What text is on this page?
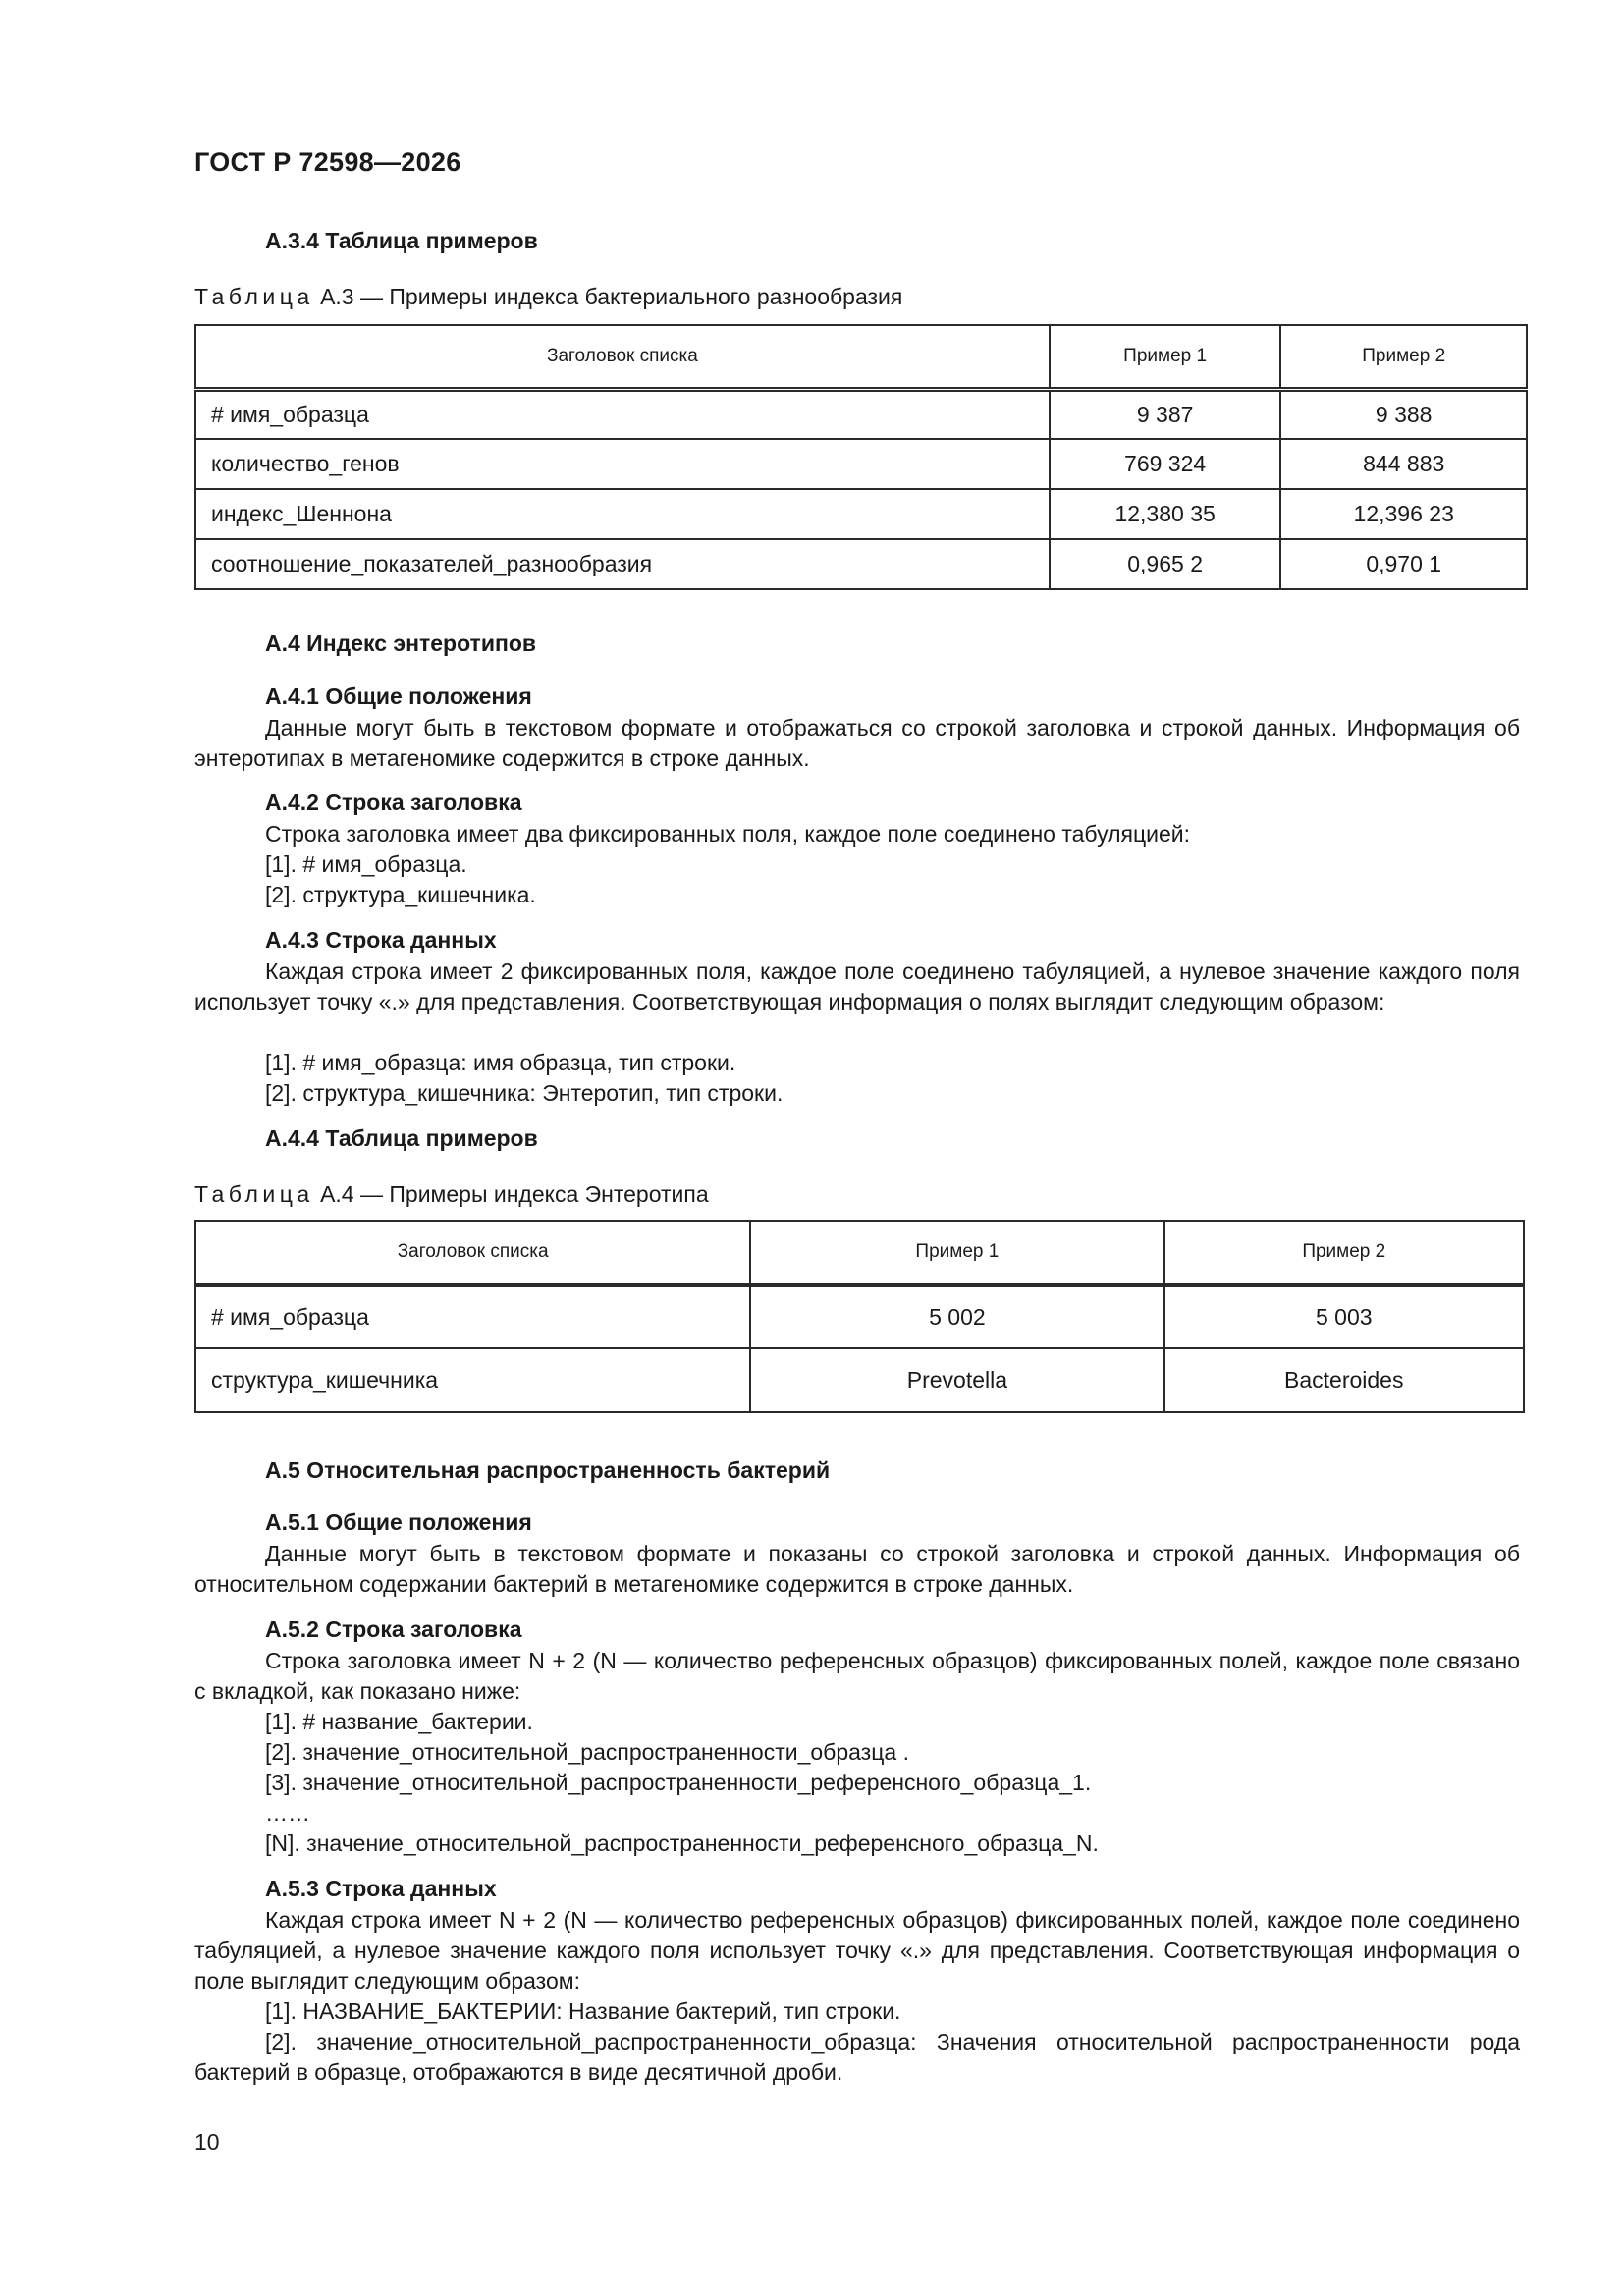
ГОСТ Р 72598—2026
А.3.4 Таблица примеров
Таблица А.3 — Примеры индекса бактериального разнообразия
Заголовок списка	Пример 1	Пример 2
# имя_образца	9 387	9 388
количество_генов	769 324	844 883
индекс_Шеннона	12,380 35	12,396 23
соотношение_показателей_разнообразия	0,965 2	0,970 1
А.4 Индекс энтеротипов
А.4.1 Общие положения
Данные могут быть в текстовом формате и отображаться со строкой заголовка и строкой данных. Информация об энтеротипах в метагеномике содержится в строке данных.
А.4.2 Строка заголовка
Строка заголовка имеет два фиксированных поля, каждое поле соединено табуляцией:
[1]. # имя_образца.
[2]. структура_кишечника.
А.4.3 Строка данных
Каждая строка имеет 2 фиксированных поля, каждое поле соединено табуляцией, а нулевое значение каждого поля использует точку «.» для представления. Соответствующая информация о полях выглядит следующим образом:
[1]. # имя_образца: имя образца, тип строки.
[2]. структура_кишечника: Энтеротип, тип строки.
А.4.4 Таблица примеров
Таблица А.4 — Примеры индекса Энтеротипа
Заголовок списка	Пример 1	Пример 2
# имя_образца	5 002	5 003
структура_кишечника	Prevotella	Bacteroides
А.5 Относительная распространенность бактерий
А.5.1 Общие положения
Данные могут быть в текстовом формате и показаны со строкой заголовка и строкой данных. Информация об относительном содержании бактерий в метагеномике содержится в строке данных.
А.5.2 Строка заголовка
Строка заголовка имеет N + 2 (N — количество референсных образцов) фиксированных полей, каждое поле связано с вкладкой, как показано ниже:
[1]. # название_бактерии.
[2]. значение_относительной_распространенности_образца .
[3]. значение_относительной_распространенности_референсного_образца_1.
……
[N]. значение_относительной_распространенности_референсного_образца_N.
А.5.3 Строка данных
Каждая строка имеет N + 2 (N — количество референсных образцов) фиксированных полей, каждое поле соединено табуляцией, а нулевое значение каждого поля использует точку «.» для представления. Соответствующая информация о поле выглядит следующим образом:
[1]. НАЗВАНИЕ_БАКТЕРИИ: Название бактерий, тип строки.
[2]. значение_относительной_распространенности_образца: Значения относительной распространенности рода бактерий в образце, отображаются в виде десятичной дроби.
10
